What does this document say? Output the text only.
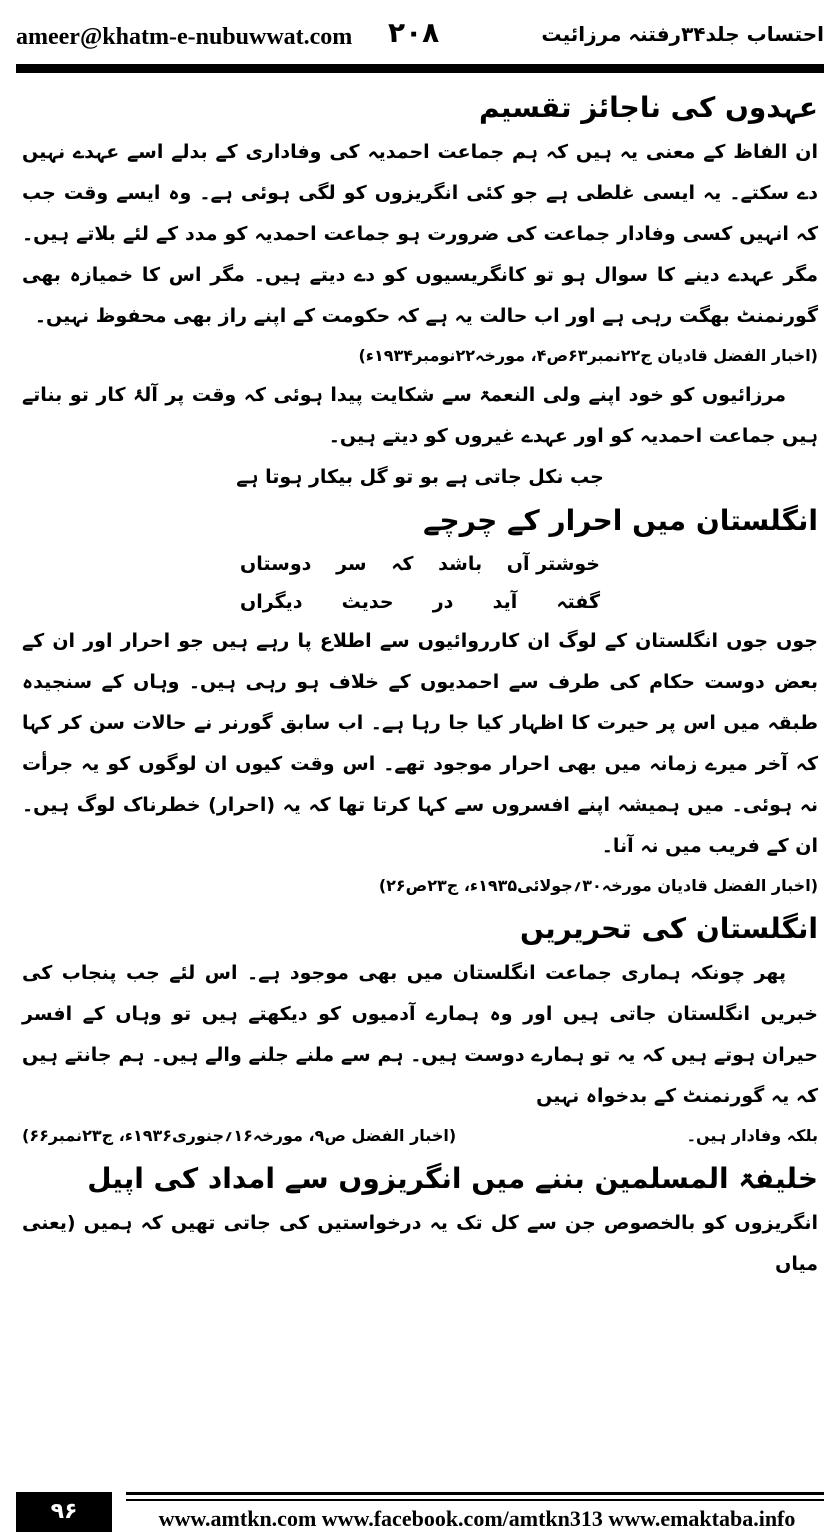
ameer@khatm-e-nubuwwat.com ۲۰۸	احتساب جلد۳۴رفتنہ مرزائیت
عہدوں کی ناجائز تقسیم

ان الفاظ کے معنی یہ ہیں کہ ہم جماعت احمدیہ کی وفاداری کے بدلے اسے عہدے نہیں دے سکتے۔ یہ ایسی غلطی ہے جو کئی انگریزوں کو لگی ہوئی ہے۔ وہ ایسے وقت جب کہ انہیں کسی وفادار جماعت کی ضرورت ہو جماعت احمدیہ کو مدد کے لئے بلاتے ہیں۔ مگر عہدے دینے کا سوال ہو تو کانگریسیوں کو دے دیتے ہیں۔ مگر اس کا خمیازہ بھی گورنمنٹ بھگت رہی ہے اور اب حالت یہ ہے کہ حکومت کے اپنے راز بھی محفوظ نہیں۔

(اخبار الفضل قادیان ج۲۲نمبر۶۳ص۴، مورخہ۲۲نومبر۱۹۳۴ء)

مرزائیوں کو خود اپنے ولی النعمۃ سے شکایت پیدا ہوئی کہ وقت پر آلۂ کار تو بناتے ہیں جماعت احمدیہ کو اور عہدے غیروں کو دیتے ہیں۔

جب نکل جاتی ہے بو تو گل بیکار ہوتا ہے

انگلستان میں احرار کے چرچے
خوشتر آں
باشد
کہ
سر
دوستاں
گفتہ
آید
در
حدیث
دیگراں

جوں جوں انگلستان کے لوگ ان کارروائیوں سے اطلاع پا رہے ہیں جو احرار اور ان کے بعض دوست حکام کی طرف سے احمدیوں کے خلاف ہو رہی ہیں۔ وہاں کے سنجیدہ طبقہ میں اس پر حیرت کا اظہار کیا جا رہا ہے۔ اب سابق گورنر نے حالات سن کر کہا کہ آخر میرے زمانہ میں بھی احرار موجود تھے۔ اس وقت کیوں ان لوگوں کو یہ جرأت نہ ہوئی۔ میں ہمیشہ اپنے افسروں سے کہا کرتا تھا کہ یہ (احرار) خطرناک لوگ ہیں۔ ان کے فریب میں نہ آنا۔

(اخبار الفضل قادیان مورخہ۳۰؍جولائی۱۹۳۵ء، ج۲۳ص۲۶)

انگلستان کی تحریریں

پھر چونکہ ہماری جماعت انگلستان میں بھی موجود ہے۔ اس لئے جب پنجاب کی خبریں انگلستان جاتی ہیں اور وہ ہمارے آدمیوں کو دیکھتے ہیں تو وہاں کے افسر حیران ہوتے ہیں کہ یہ تو ہمارے دوست ہیں۔ ہم سے ملنے جلنے والے ہیں۔ ہم جانتے ہیں کہ یہ گورنمنٹ کے بدخواہ نہیں

بلکہ وفادار ہیں۔
(اخبار الفضل ص۹، مورخہ۱۶؍جنوری۱۹۳۶ء، ج۲۳نمبر۶۶)
خلیفۃ المسلمین بننے میں انگریزوں سے امداد کی اپیل

انگریزوں کو بالخصوص جن سے کل تک یہ درخواستیں کی جاتی تھیں کہ ہمیں (یعنی میاں

۹۶	www.amtkn.com www.facebook.com/amtkn313 www.emaktaba.info
